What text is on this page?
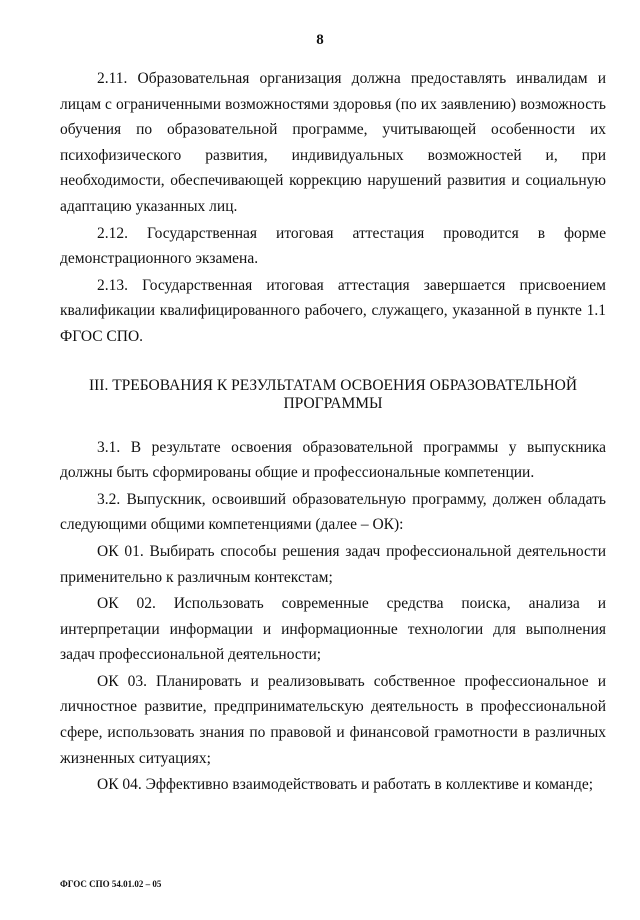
8

2.11. Образовательная организация должна предоставлять инвалидам и лицам с ограниченными возможностями здоровья (по их заявлению) возможность обучения по образовательной программе, учитывающей особенности их психофизического развития, индивидуальных возможностей и, при необходимости, обеспечивающей коррекцию нарушений развития и социальную адаптацию указанных лиц.

2.12. Государственная итоговая аттестация проводится в форме демонстрационного экзамена.

2.13. Государственная итоговая аттестация завершается присвоением квалификации квалифицированного рабочего, служащего, указанной в пункте 1.1 ФГОС СПО.

III. ТРЕБОВАНИЯ К РЕЗУЛЬТАТАМ ОСВОЕНИЯ ОБРАЗОВАТЕЛЬНОЙ ПРОГРАММЫ

3.1. В результате освоения образовательной программы у выпускника должны быть сформированы общие и профессиональные компетенции.

3.2. Выпускник, освоивший образовательную программу, должен обладать следующими общими компетенциями (далее – ОК):

ОК 01. Выбирать способы решения задач профессиональной деятельности применительно к различным контекстам;

ОК 02. Использовать современные средства поиска, анализа и интерпретации информации и информационные технологии для выполнения задач профессиональной деятельности;

ОК 03. Планировать и реализовывать собственное профессиональное и личностное развитие, предпринимательскую деятельность в профессиональной сфере, использовать знания по правовой и финансовой грамотности в различных жизненных ситуациях;

ОК 04. Эффективно взаимодействовать и работать в коллективе и команде;

ФГОС СПО 54.01.02 – 05
